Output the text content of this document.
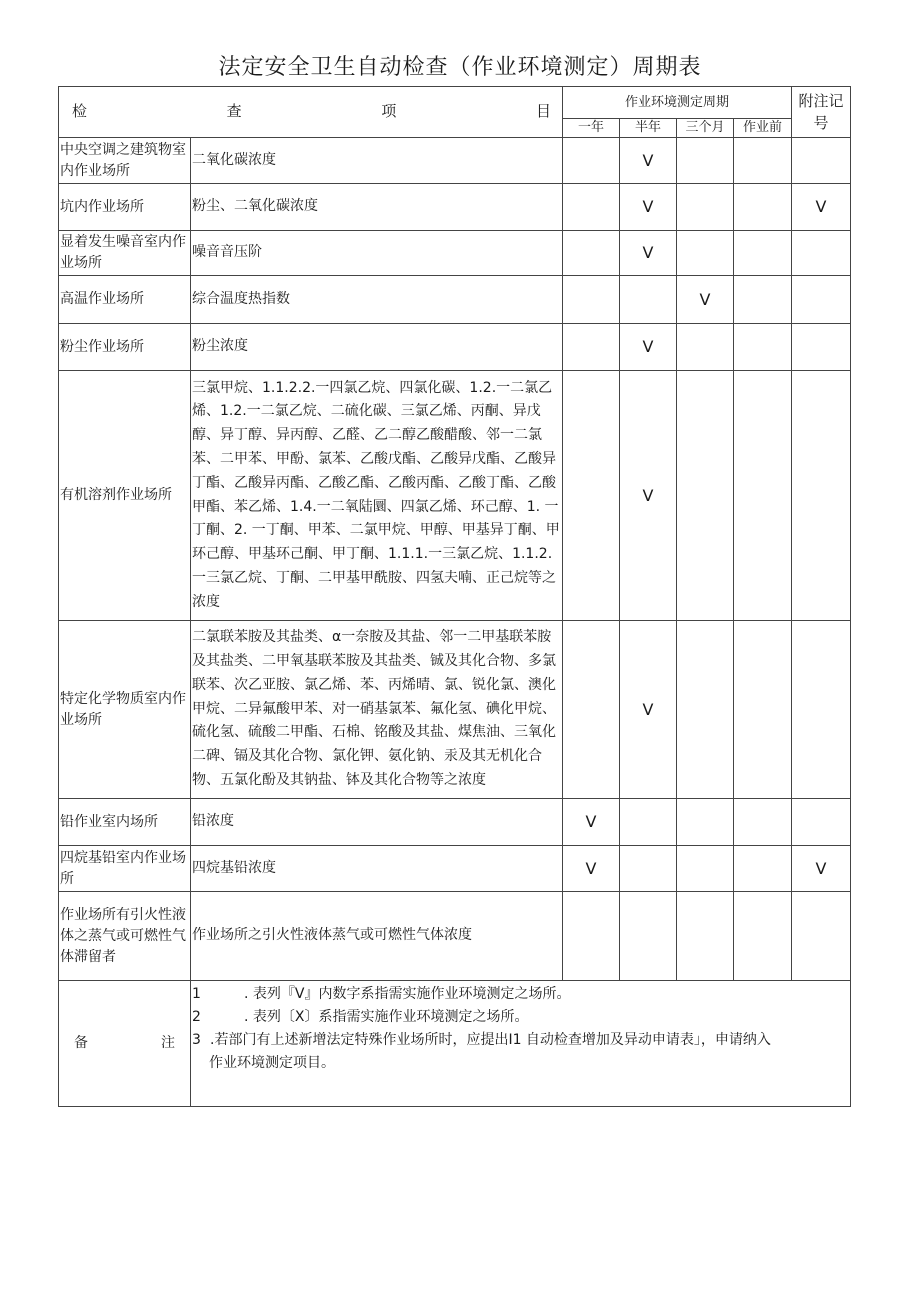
法定安全卫生自动检查（作业环境测定）周期表
检 查 项 目		作业环境测定周期				附注记号
		一年	半年	三个月	作业前	
中央空调之建筑物室内作业场所	二氧化碳浓度		V			
坑内作业场所	粉尘、二氧化碳浓度		V			V
显着发生噪音室内作业场所	噪音音压阶		V			
高温作业场所	综合温度热指数			V		
粉尘作业场所	粉尘浓度		V			
有机溶剂作业场所	三氯甲烷、1.1.2.2.一四氯乙烷、四氯化碳、1.2.一二氯乙烯、1.2.一二氯乙烷、二硫化碳、三氯乙烯、丙酮、异戊醇、异丁醇、异丙醇、乙醛、乙二醇乙酸醋酸、邻一二氯苯、二甲苯、甲酚、氯苯、乙酸戊酯、乙酸异戊酯、乙酸异丁酯、乙酸异丙酯、乙酸乙酯、乙酸丙酯、乙酸丁酯、乙酸甲酯、苯乙烯、1.4.一二氧陆圜、四氯乙烯、环己醇、1. 一丁酮、2. 一丁酮、甲苯、二氯甲烷、甲醇、甲基异丁酮、甲环己醇、甲基环己酮、甲丁酮、1.1.1.一三氯乙烷、1.1.2.一三氯乙烷、丁酮、二甲基甲酰胺、四氢夫喃、正己烷等之浓度		V			
特定化学物质室内作业场所	二氯联苯胺及其盐类、α一奈胺及其盐、邻一二甲基联苯胺及其盐类、二甲氧基联苯胺及其盐类、铖及其化合物、多氯联苯、次乙亚胺、氯乙烯、苯、丙烯晴、氯、锐化氯、澳化甲烷、二异氟酸甲苯、对一硝基氯苯、氟化氢、碘化甲烷、硫化氢、硫酸二甲酯、石棉、铭酸及其盐、煤焦油、三氧化二碑、镉及其化合物、氯化钾、氨化钠、汞及其无机化合物、五氯化酚及其钠盐、钵及其化合物等之浓度		V			
铅作业室内场所	铅浓度	V				
四烷基铅室内作业场所	四烷基铅浓度	V				V
作业场所有引火性液体之蒸气或可燃性气体滞留者	作业场所之引火性液体蒸气或可燃性气体浓度					

备 注	1 . 表列『V』内数字系指需实施作业环境测定之场所。
2 . 表列〔X〕系指需实施作业环境测定之场所。
3 .若部门有上述新增法定特殊作业场所时，应提出I1 自动检查增加及异动申请表」，申请纳入
作业环境测定项目。					
